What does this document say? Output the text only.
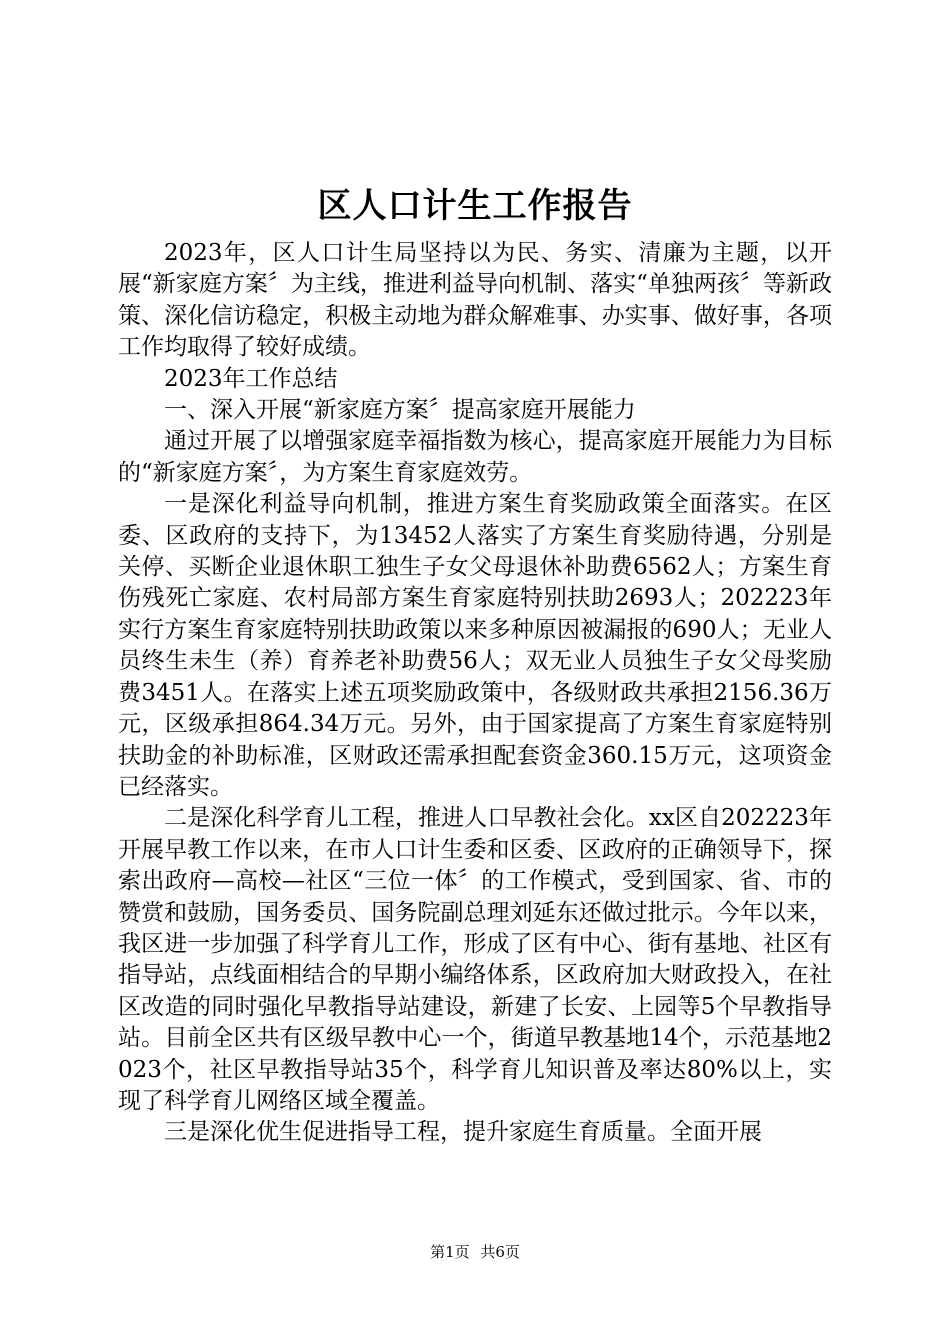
区人口计生工作报告

2023年，区人口计生局坚持以为民、务实、清廉为主题，以开展“新家庭方案〞为主线，推进利益导向机制、落实“单独两孩〞等新政策、深化信访稳定，积极主动地为群众解难事、办实事、做好事，各项工作均取得了较好成绩。

2023年工作总结

一、深入开展“新家庭方案〞提高家庭开展能力

通过开展了以增强家庭幸福指数为核心，提高家庭开展能力为目标的“新家庭方案〞，为方案生育家庭效劳。

一是深化利益导向机制，推进方案生育奖励政策全面落实。在区委、区政府的支持下，为13452人落实了方案生育奖励待遇，分别是关停、买断企业退休职工独生子女父母退休补助费6562人；方案生育伤残死亡家庭、农村局部方案生育家庭特别扶助2693人；202223年实行方案生育家庭特别扶助政策以来多种原因被漏报的690人；无业人员终生未生（养）育养老补助费56人；双无业人员独生子女父母奖励费3451人。在落实上述五项奖励政策中，各级财政共承担2156.36万元，区级承担864.34万元。另外，由于国家提高了方案生育家庭特别扶助金的补助标准，区财政还需承担配套资金360.15万元，这项资金已经落实。

二是深化科学育儿工程，推进人口早教社会化。xx区自202223年开展早教工作以来，在市人口计生委和区委、区政府的正确领导下，探索出政府—高校—社区“三位一体〞的工作模式，受到国家、省、市的赞赏和鼓励，国务委员、国务院副总理刘延东还做过批示。今年以来，我区进一步加强了科学育儿工作，形成了区有中心、街有基地、社区有指导站，点线面相结合的早期小编络体系，区政府加大财政投入，在社区改造的同时强化早教指导站建设，新建了长安、上园等5个早教指导站。目前全区共有区级早教中心一个，街道早教基地14个，示范基地2023个，社区早教指导站35个，科学育儿知识普及率达80%以上，实现了科学育儿网络区域全覆盖。

三是深化优生促进指导工程，提升家庭生育质量。全面开展

第1页 共6页
